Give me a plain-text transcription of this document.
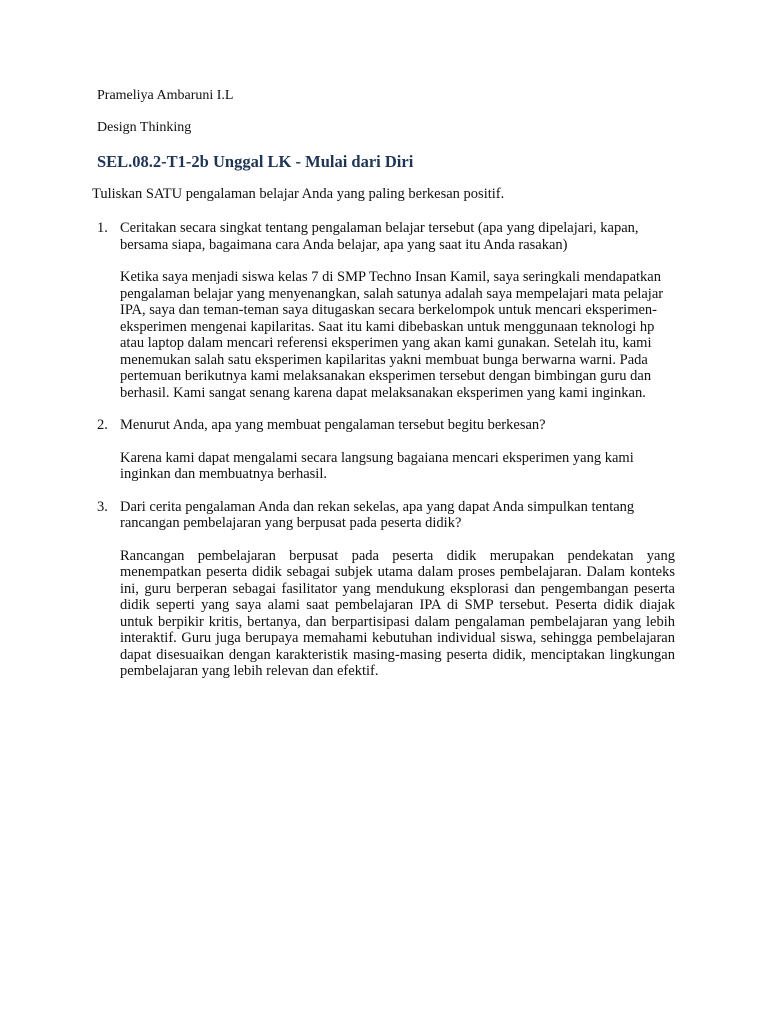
Prameliya Ambaruni I.L
Design Thinking
SEL.08.2-T1-2b Unggal LK - Mulai dari Diri
Tuliskan SATU pengalaman belajar Anda yang paling berkesan positif.
1. Ceritakan secara singkat tentang pengalaman belajar tersebut (apa yang dipelajari, kapan, bersama siapa, bagaimana cara Anda belajar, apa yang saat itu Anda rasakan)

Ketika saya menjadi siswa kelas 7 di SMP Techno Insan Kamil, saya seringkali mendapatkan pengalaman belajar yang menyenangkan, salah satunya adalah saya mempelajari mata pelajar IPA, saya dan teman-teman saya ditugaskan secara berkelompok untuk mencari eksperimen-eksperimen mengenai kapilaritas. Saat itu kami dibebaskan untuk menggunaan teknologi hp atau laptop dalam mencari referensi eksperimen yang akan kami gunakan. Setelah itu, kami menemukan salah satu eksperimen kapilaritas yakni membuat bunga berwarna warni. Pada pertemuan berikutnya kami melaksanakan eksperimen tersebut dengan bimbingan guru dan berhasil. Kami sangat senang karena dapat melaksanakan eksperimen yang kami inginkan.

2. Menurut Anda, apa yang membuat pengalaman tersebut begitu berkesan?

Karena kami dapat mengalami secara langsung bagaiana mencari eksperimen yang kami inginkan dan membuatnya berhasil.

3. Dari cerita pengalaman Anda dan rekan sekelas, apa yang dapat Anda simpulkan tentang rancangan pembelajaran yang berpusat pada peserta didik?

Rancangan pembelajaran berpusat pada peserta didik merupakan pendekatan yang menempatkan peserta didik sebagai subjek utama dalam proses pembelajaran. Dalam konteks ini, guru berperan sebagai fasilitator yang mendukung eksplorasi dan pengembangan peserta didik seperti yang saya alami saat pembelajaran IPA di SMP tersebut. Peserta didik diajak untuk berpikir kritis, bertanya, dan berpartisipasi dalam pengalaman pembelajaran yang lebih interaktif. Guru juga berupaya memahami kebutuhan individual siswa, sehingga pembelajaran dapat disesuaikan dengan karakteristik masing-masing peserta didik, menciptakan lingkungan pembelajaran yang lebih relevan dan efektif.
